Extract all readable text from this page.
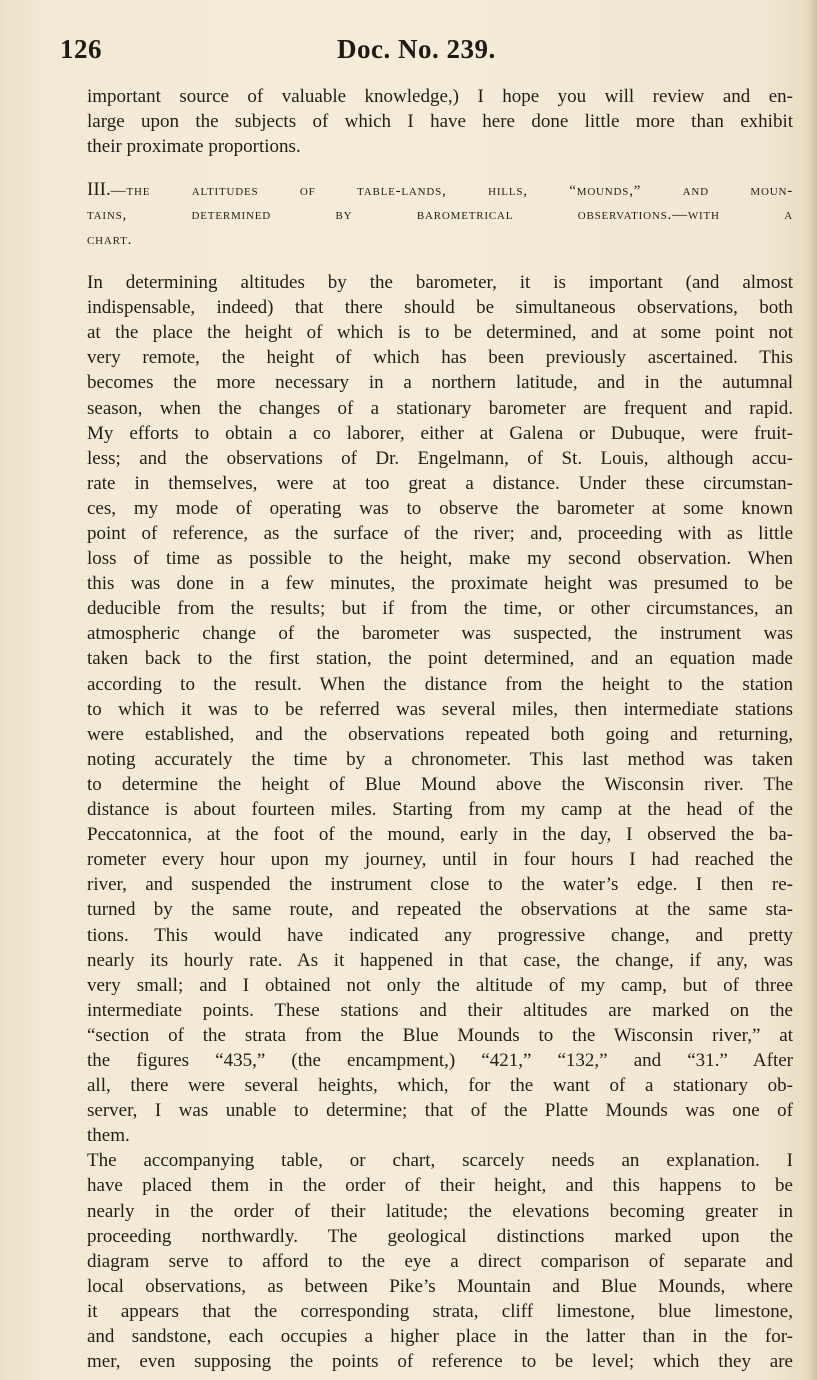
126	Doc. No. 239.
important source of valuable knowledge,) I hope you will review and en-
large upon the subjects of which I have here done little more than exhibit
their proximate proportions.
III.—the altitudes of table-lands, hills, “mounds,” and moun-
tains, determined by barometrical observations.—with a
chart.
In determining altitudes by the barometer, it is important (and almost
indispensable, indeed) that there should be simultaneous observations, both
at the place the height of which is to be determined, and at some point not
very remote, the height of which has been previously ascertained. This
becomes the more necessary in a northern latitude, and in the autumnal
season, when the changes of a stationary barometer are frequent and rapid.
My efforts to obtain a co laborer, either at Galena or Dubuque, were fruit-
less; and the observations of Dr. Engelmann, of St. Louis, although accu-
rate in themselves, were at too great a distance. Under these circumstan-
ces, my mode of operating was to observe the barometer at some known
point of reference, as the surface of the river; and, proceeding with as little
loss of time as possible to the height, make my second observation. When
this was done in a few minutes, the proximate height was presumed to be
deducible from the results; but if from the time, or other circumstances, an
atmospheric change of the barometer was suspected, the instrument was
taken back to the first station, the point determined, and an equation made
according to the result. When the distance from the height to the station
to which it was to be referred was several miles, then intermediate stations
were established, and the observations repeated both going and returning,
noting accurately the time by a chronometer. This last method was taken
to determine the height of Blue Mound above the Wisconsin river. The
distance is about fourteen miles. Starting from my camp at the head of the
Peccatonnica, at the foot of the mound, early in the day, I observed the ba-
rometer every hour upon my journey, until in four hours I had reached the
river, and suspended the instrument close to the water’s edge. I then re-
turned by the same route, and repeated the observations at the same sta-
tions. This would have indicated any progressive change, and pretty
nearly its hourly rate. As it happened in that case, the change, if any, was
very small; and I obtained not only the altitude of my camp, but of three
intermediate points. These stations and their altitudes are marked on the
“section of the strata from the Blue Mounds to the Wisconsin river,” at
the figures “435,” (the encampment,) “421,” “132,” and “31.” After
all, there were several heights, which, for the want of a stationary ob-
server, I was unable to determine; that of the Platte Mounds was one of
them.
The accompanying table, or chart, scarcely needs an explanation. I
have placed them in the order of their height, and this happens to be
nearly in the order of their latitude; the elevations becoming greater in
proceeding northwardly. The geological distinctions marked upon the
diagram serve to afford to the eye a direct comparison of separate and
local observations, as between Pike’s Mountain and Blue Mounds, where
it appears that the corresponding strata, cliff limestone, blue limestone,
and sandstone, each occupies a higher place in the latter than in the for-
mer, even supposing the points of reference to be level; which they are
